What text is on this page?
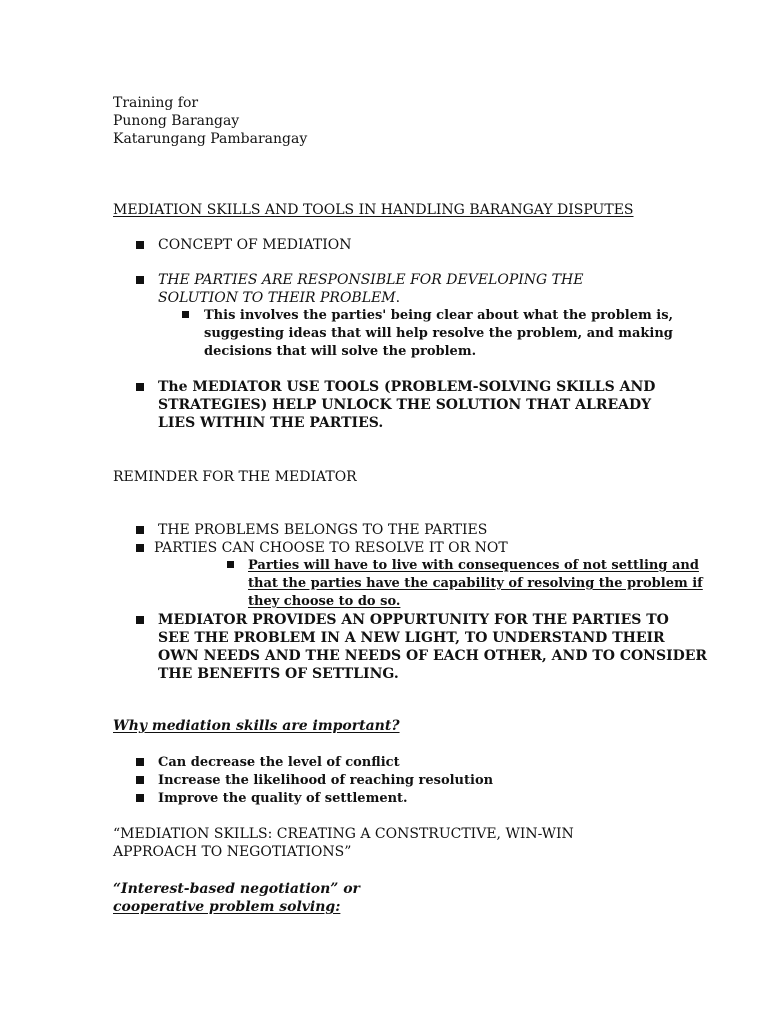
Training for
Punong Barangay
Katarungang Pambarangay
MEDIATION SKILLS AND TOOLS IN HANDLING BARANGAY DISPUTES
CONCEPT OF MEDIATION
THE PARTIES ARE RESPONSIBLE FOR DEVELOPING THE
SOLUTION TO THEIR PROBLEM.
This involves the parties' being clear about what the problem is,
suggesting ideas that will help resolve the problem, and making
decisions that will solve the problem.
The MEDIATOR USE TOOLS (PROBLEM-SOLVING SKILLS AND
STRATEGIES) HELP UNLOCK THE SOLUTION THAT ALREADY
LIES WITHIN THE PARTIES.
REMINDER FOR THE MEDIATOR
THE PROBLEMS BELONGS TO THE PARTIES
PARTIES CAN CHOOSE TO RESOLVE IT OR NOT
Parties will have to live with consequences of not settling and
that the parties have the capability of resolving the problem if
they choose to do so.
MEDIATOR PROVIDES AN OPPURTUNITY FOR THE PARTIES TO
SEE THE PROBLEM IN A NEW LIGHT, TO UNDERSTAND THEIR
OWN NEEDS AND THE NEEDS OF EACH OTHER, AND TO CONSIDER
THE BENEFITS OF SETTLING.
Why mediation skills are important?
Can decrease the level of conflict
Increase the likelihood of reaching resolution
Improve the quality of settlement.
“MEDIATION SKILLS: CREATING A CONSTRUCTIVE, WIN-WIN
APPROACH TO NEGOTIATIONS”
“Interest-based negotiation” or
cooperative problem solving:
